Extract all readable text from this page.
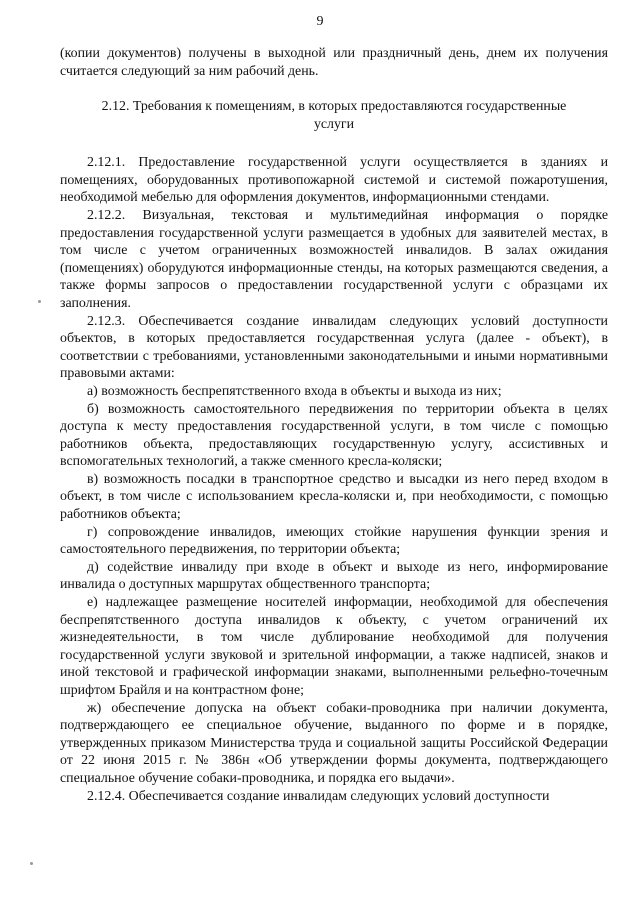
9

(копии документов) получены в выходной или праздничный день, днем их получения считается следующий за ним рабочий день.

2.12. Требования к помещениям, в которых предоставляются государственные услуги

2.12.1. Предоставление государственной услуги осуществляется в зданиях и помещениях, оборудованных противопожарной системой и системой пожаротушения, необходимой мебелью для оформления документов, информационными стендами.

2.12.2. Визуальная, текстовая и мультимедийная информация о порядке предоставления государственной услуги размещается в удобных для заявителей местах, в том числе с учетом ограниченных возможностей инвалидов. В залах ожидания (помещениях) оборудуются информационные стенды, на которых размещаются сведения, а также формы запросов о предоставлении государственной услуги с образцами их заполнения.

2.12.3. Обеспечивается создание инвалидам следующих условий доступности объектов, в которых предоставляется государственная услуга (далее - объект), в соответствии с требованиями, установленными законодательными и иными нормативными правовыми актами:

а) возможность беспрепятственного входа в объекты и выхода из них;

б) возможность самостоятельного передвижения по территории объекта в целях доступа к месту предоставления государственной услуги, в том числе с помощью работников объекта, предоставляющих государственную услугу, ассистивных и вспомогательных технологий, а также сменного кресла-коляски;

в) возможность посадки в транспортное средство и высадки из него перед входом в объект, в том числе с использованием кресла-коляски и, при необходимости, с помощью работников объекта;

г) сопровождение инвалидов, имеющих стойкие нарушения функции зрения и самостоятельного передвижения, по территории объекта;

д) содействие инвалиду при входе в объект и выходе из него, информирование инвалида о доступных маршрутах общественного транспорта;

е) надлежащее размещение носителей информации, необходимой для обеспечения беспрепятственного доступа инвалидов к объекту, с учетом ограничений их жизнедеятельности, в том числе дублирование необходимой для получения государственной услуги звуковой и зрительной информации, а также надписей, знаков и иной текстовой и графической информации знаками, выполненными рельефно-точечным шрифтом Брайля и на контрастном фоне;

ж) обеспечение допуска на объект собаки-проводника при наличии документа, подтверждающего ее специальное обучение, выданного по форме и в порядке, утвержденных приказом Министерства труда и социальной защиты Российской Федерации от 22 июня 2015 г. № 386н «Об утверждении формы документа, подтверждающего специальное обучение собаки-проводника, и порядка его выдачи».

2.12.4. Обеспечивается создание инвалидам следующих условий доступности
